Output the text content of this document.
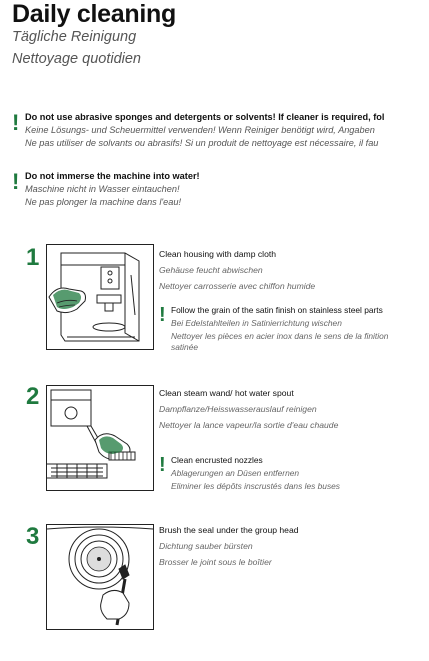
Daily cleaning
Tägliche Reinigung
Nettoyage quotidien
! Do not use abrasive sponges and detergents or solvents! If cleaner is required, fol
Keine Lösungs- und Scheuermittel verwenden! Wenn Reiniger benötigt wird, Angaben
Ne pas utiliser de solvants ou abrasifs! Si un produit de nettoyage est nécessaire, il fau
! Do not immerse the machine into water!
Maschine nicht in Wasser eintauchen!
Ne pas plonger la machine dans l'eau!
1	Clean housing with damp cloth
Gehäuse feucht abwischen
Nettoyer carrosserie avec chiffon humide
! Follow the grain of the satin finish on stainless steel parts
Bei Edelstahlteilen in Satinierrichtung wischen
Nettoyer les pièces en acier inox dans le sens de la finition
satinée
2	Clean steam wand/ hot water spout
Dampflanze/Heisswasserauslauf reinigen
Nettoyer la lance vapeur/la sortie d'eau chaude
! Clean encrusted nozzles
Ablagerungen an Düsen entfernen
Eliminer les dépôts inscrustés dans les buses
3	Brush the seal under the group head
Dichtung sauber bürsten
Brosser le joint sous le boîtier
